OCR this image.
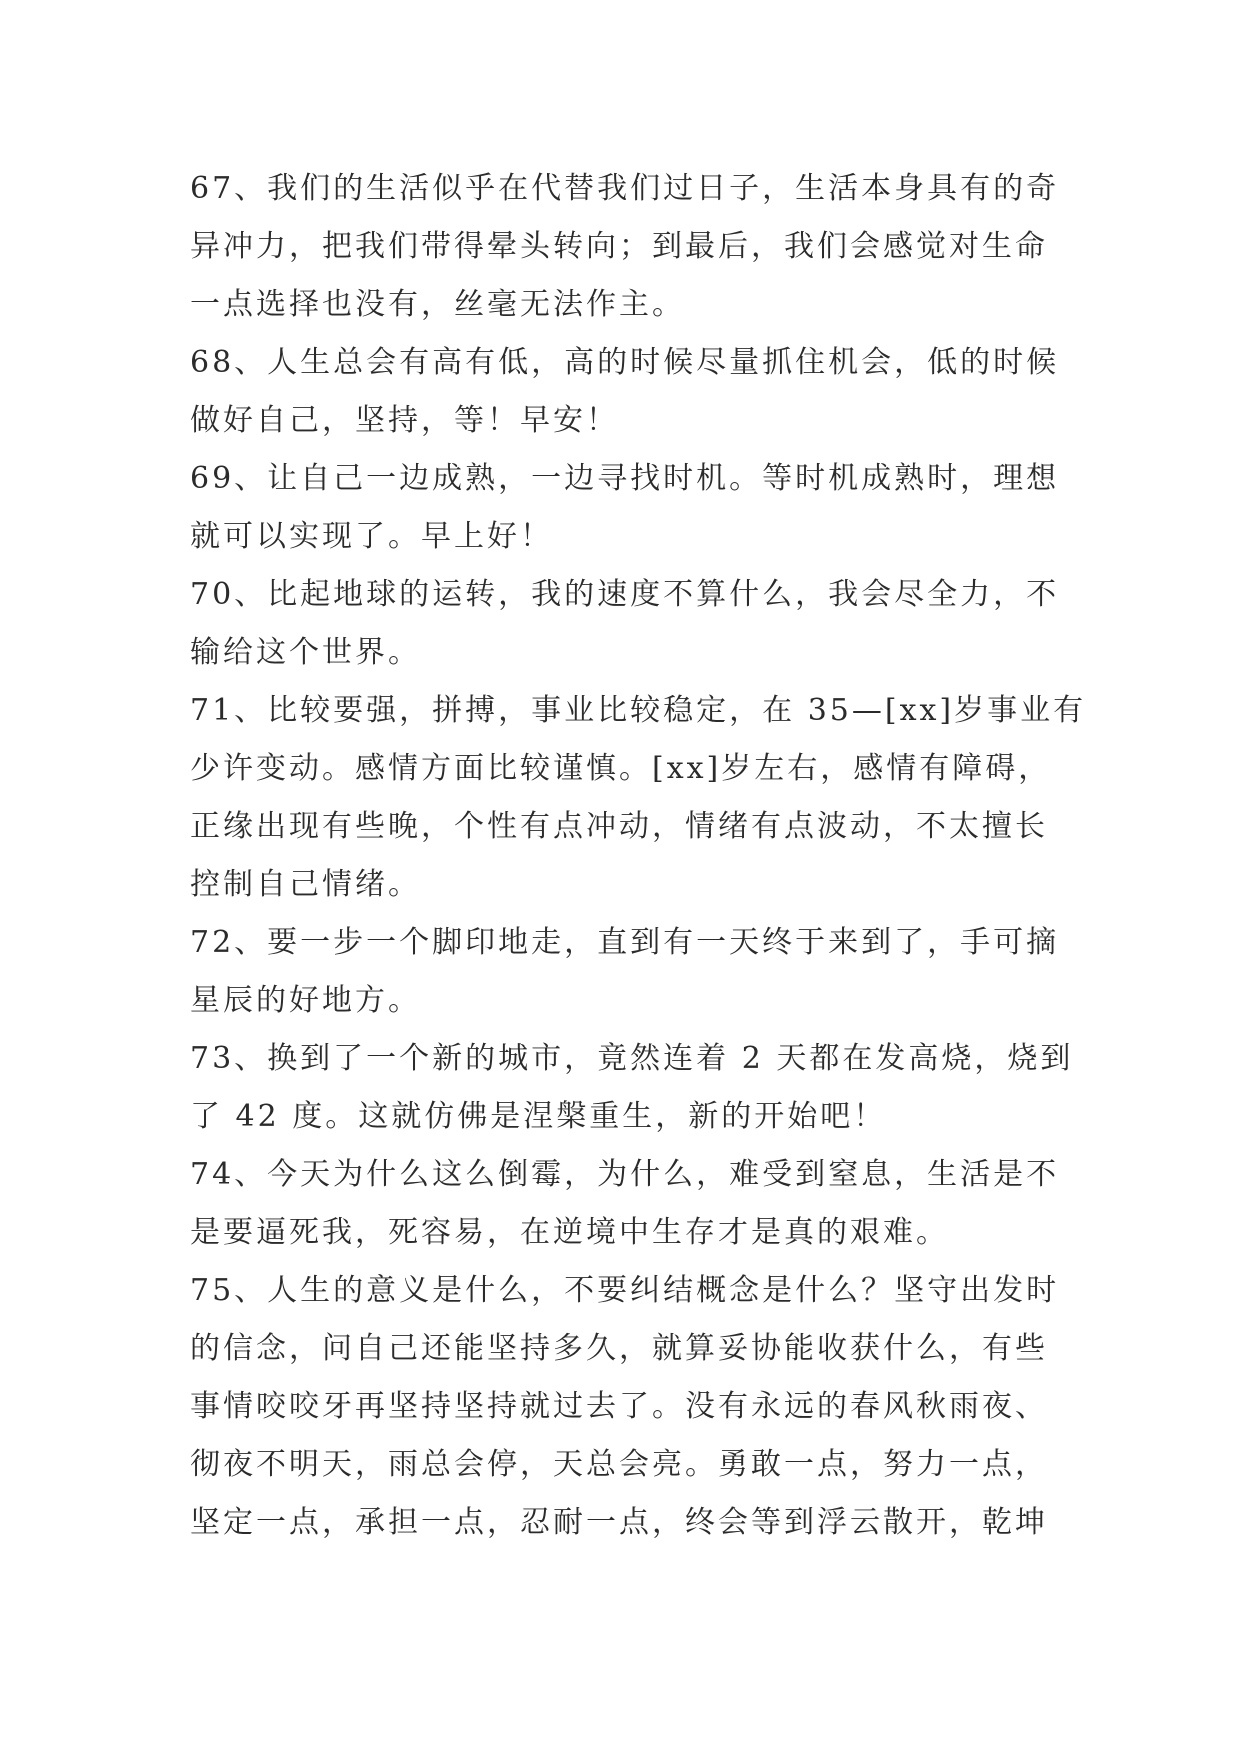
67、我们的生活似乎在代替我们过日子，生活本身具有的奇
异冲力，把我们带得晕头转向；到最后，我们会感觉对生命
一点选择也没有，丝毫无法作主。
68、人生总会有高有低，高的时候尽量抓住机会，低的时候
做好自己，坚持，等！早安！
69、让自己一边成熟，一边寻找时机。等时机成熟时，理想
就可以实现了。早上好！
70、比起地球的运转，我的速度不算什么，我会尽全力，不
输给这个世界。
71、比较要强，拼搏，事业比较稳定，在 35—[xx]岁事业有
少许变动。感情方面比较谨慎。[xx]岁左右，感情有障碍，
正缘出现有些晚，个性有点冲动，情绪有点波动，不太擅长
控制自己情绪。
72、要一步一个脚印地走，直到有一天终于来到了，手可摘
星辰的好地方。
73、换到了一个新的城市，竟然连着 2 天都在发高烧，烧到
了 42 度。这就仿佛是涅槃重生，新的开始吧！
74、今天为什么这么倒霉，为什么，难受到窒息，生活是不
是要逼死我，死容易，在逆境中生存才是真的艰难。
75、人生的意义是什么，不要纠结概念是什么？坚守出发时
的信念，问自己还能坚持多久，就算妥协能收获什么，有些
事情咬咬牙再坚持坚持就过去了。没有永远的春风秋雨夜、
彻夜不明天，雨总会停，天总会亮。勇敢一点，努力一点，
坚定一点，承担一点，忍耐一点，终会等到浮云散开，乾坤
